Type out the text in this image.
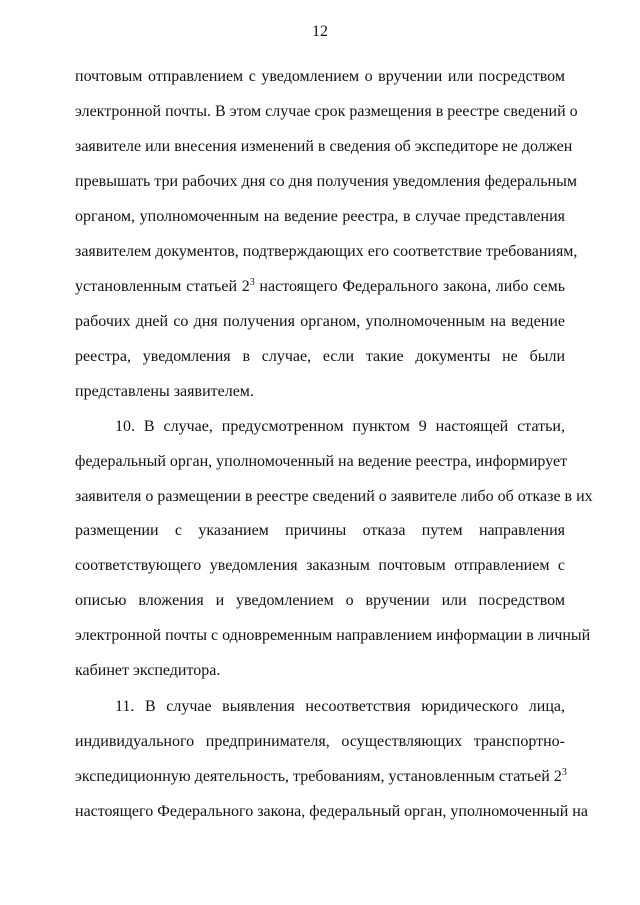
12
почтовым отправлением с уведомлением о вручении или посредством
электронной почты. В этом случае срок размещения в реестре сведений о
заявителе или внесения изменений в сведения об экспедиторе не должен
превышать три рабочих дня со дня получения уведомления федеральным
органом, уполномоченным на ведение реестра, в случае представления
заявителем документов, подтверждающих его соответствие требованиям,
установленным статьей $2^3$ настоящего Федерального закона, либо семь
рабочих дней со дня получения органом, уполномоченным на ведение
реестра, уведомления в случае, если такие документы не были
представлены заявителем.
10. В случае, предусмотренном пунктом 9 настоящей статьи,
федеральный орган, уполномоченный на ведение реестра, информирует
заявителя о размещении в реестре сведений о заявителе либо об отказе в их
размещении с указанием причины отказа путем направления
соответствующего уведомления заказным почтовым отправлением с
описью вложения и уведомлением о вручении или посредством
электронной почты с одновременным направлением информации в личный
кабинет экспедитора.
11. В случае выявления несоответствия юридического лица,
индивидуального предпринимателя, осуществляющих транспортно-
экспедиционную деятельность, требованиям, установленным статьей $2^3$
настоящего Федерального закона, федеральный орган, уполномоченный на
